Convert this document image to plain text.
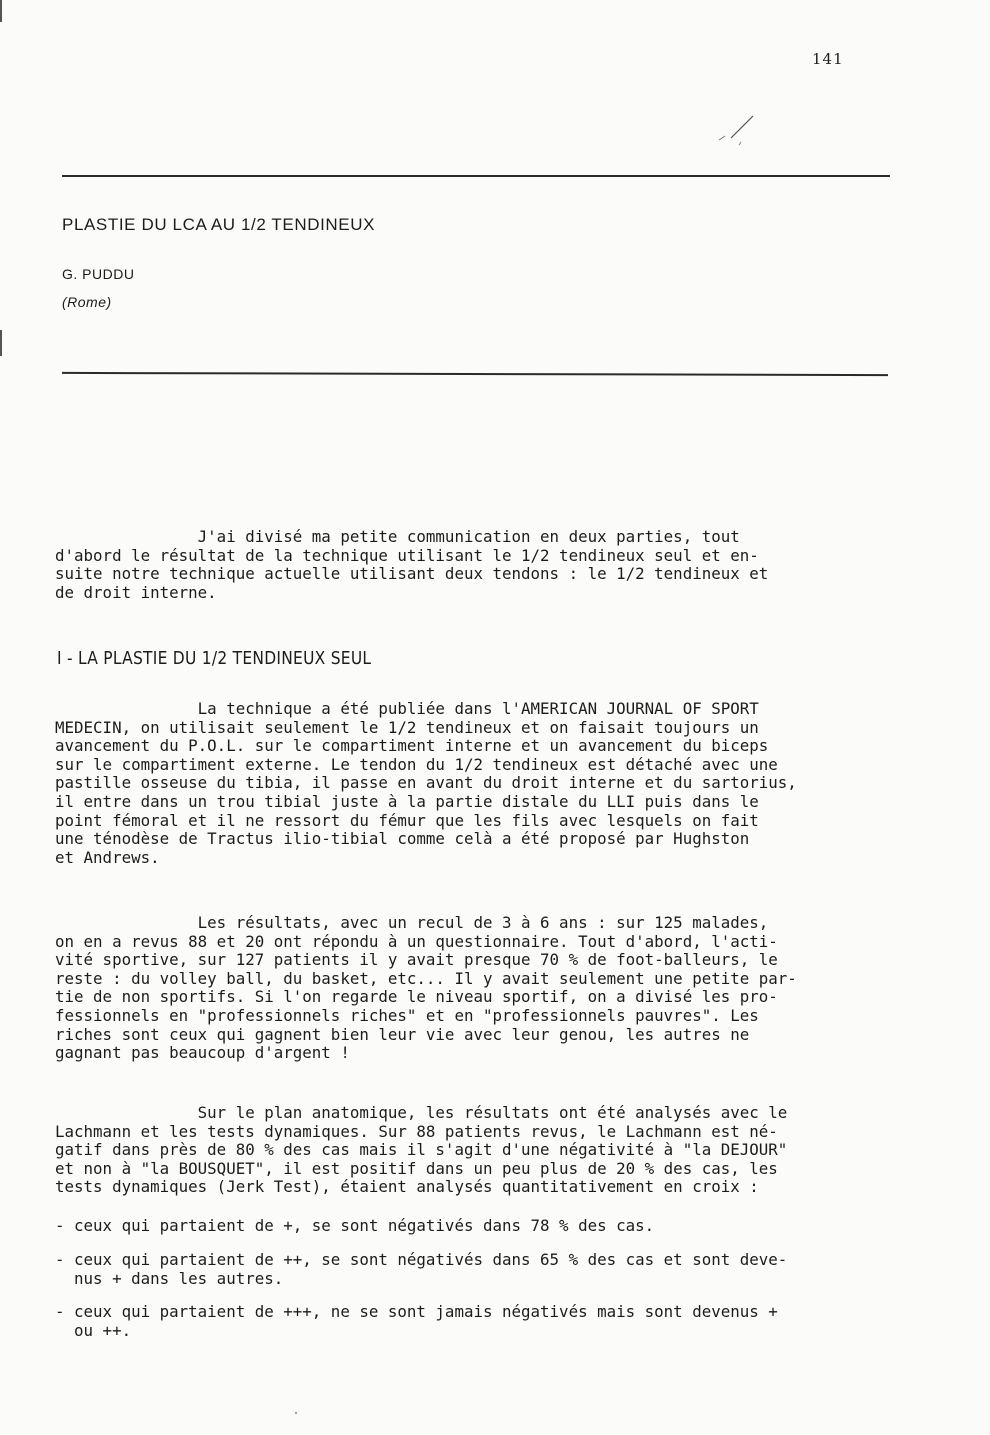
141
PLASTIE DU LCA AU 1/2 TENDINEUX
G. PUDDU
(Rome)
J'ai divisé ma petite communication en deux parties, tout
d'abord le résultat de la technique utilisant le 1/2 tendineux seul et en-
suite notre technique actuelle utilisant deux tendons : le 1/2 tendineux et
de droit interne.
I - LA PLASTIE DU 1/2 TENDINEUX SEUL
La technique a été publiée dans l'AMERICAN JOURNAL OF SPORT
MEDECIN, on utilisait seulement le 1/2 tendineux et on faisait toujours un
avancement du P.O.L. sur le compartiment interne et un avancement du biceps
sur le compartiment externe. Le tendon du 1/2 tendineux est détaché avec une
pastille osseuse du tibia, il passe en avant du droit interne et du sartorius,
il entre dans un trou tibial juste à la partie distale du LLI puis dans le
point fémoral et il ne ressort du fémur que les fils avec lesquels on fait
une ténodèse de Tractus ilio-tibial comme celà a été proposé par Hughston
et Andrews.
Les résultats, avec un recul de 3 à 6 ans : sur 125 malades,
on en a revus 88 et 20 ont répondu à un questionnaire. Tout d'abord, l'acti-
vité sportive, sur 127 patients il y avait presque 70 % de foot-balleurs, le
reste : du volley ball, du basket, etc... Il y avait seulement une petite par-
tie de non sportifs. Si l'on regarde le niveau sportif, on a divisé les pro-
fessionnels en "professionnels riches" et en "professionnels pauvres". Les
riches sont ceux qui gagnent bien leur vie avec leur genou, les autres ne
gagnant pas beaucoup d'argent !
Sur le plan anatomique, les résultats ont été analysés avec le
Lachmann et les tests dynamiques. Sur 88 patients revus, le Lachmann est né-
gatif dans près de 80 % des cas mais il s'agit d'une négativité à "la DEJOUR"
et non à "la BOUSQUET", il est positif dans un peu plus de 20 % des cas, les
tests dynamiques (Jerk Test), étaient analysés quantitativement en croix :
- ceux qui partaient de +, se sont négativés dans 78 % des cas.
- ceux qui partaient de ++, se sont négativés dans 65 % des cas et sont deve-
nus + dans les autres.
- ceux qui partaient de +++, ne se sont jamais négativés mais sont devenus +
ou ++.
